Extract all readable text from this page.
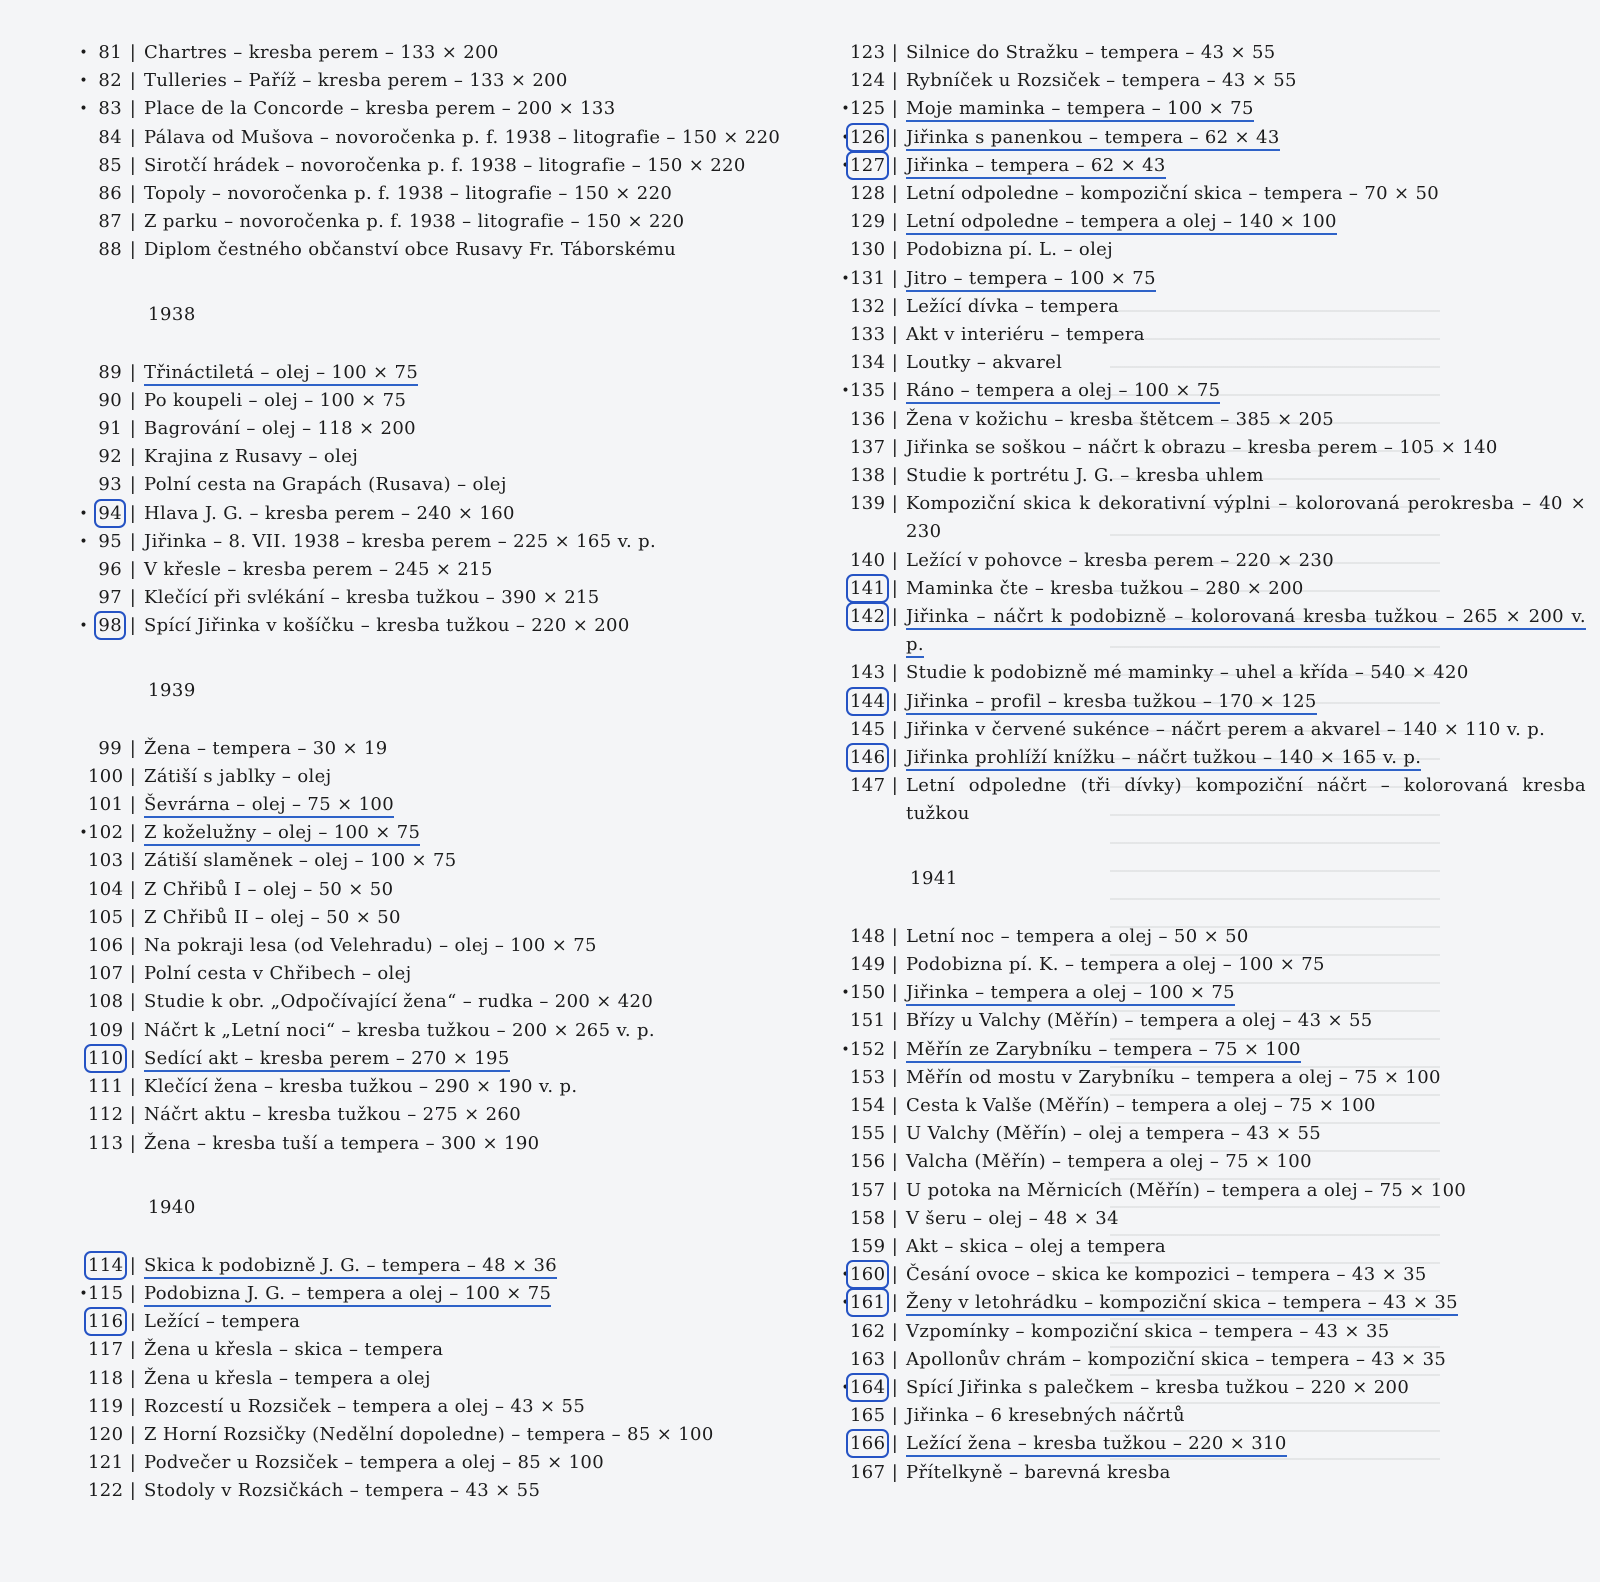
• 81 | Chartres – kresba perem – 133 × 200
• 82 | Tulleries – Paříž – kresba perem – 133 × 200
• 83 | Place de la Concorde – kresba perem – 200 × 133
84 | Pálava od Mušova – novoročenka p. f. 1938 – litografie – 150 × 220
85 | Sirotčí hrádek – novoročenka p. f. 1938 – litografie – 150 × 220
86 | Topoly – novoročenka p. f. 1938 – litografie – 150 × 220
87 | Z parku – novoročenka p. f. 1938 – litografie – 150 × 220
88 | Diplom čestného občanství obce Rusavy Fr. Táborskému
1938
89 | Třináctiletá – olej – 100 × 75
90 | Po koupeli – olej – 100 × 75
91 | Bagrování – olej – 118 × 200
92 | Krajina z Rusavy – olej
93 | Polní cesta na Grapách (Rusava) – olej
• 94 | Hlava J. G. – kresba perem – 240 × 160
• 95 | Jiřinka – 8. VII. 1938 – kresba perem – 225 × 165 v. p.
96 | V křesle – kresba perem – 245 × 215
97 | Klečící při svlékání – kresba tužkou – 390 × 215
• 98 | Spící Jiřinka v košíčku – kresba tužkou – 220 × 200
1939
99 | Žena – tempera – 30 × 19
100 | Zátiší s jablky – olej
101 | Ševrárna – olej – 75 × 100
• 102 | Z koželužny – olej – 100 × 75
103 | Zátiší slaměnek – olej – 100 × 75
104 | Z Chřibů I – olej – 50 × 50
105 | Z Chřibů II – olej – 50 × 50
106 | Na pokraji lesa (od Velehradu) – olej – 100 × 75
107 | Polní cesta v Chřibech – olej
108 | Studie k obr. „Odpočívající žena“ – rudka – 200 × 420
109 | Náčrt k „Letní noci“ – kresba tužkou – 200 × 265 v. p.
110 | Sedící akt – kresba perem – 270 × 195
111 | Klečící žena – kresba tužkou – 290 × 190 v. p.
112 | Náčrt aktu – kresba tužkou – 275 × 260
113 | Žena – kresba tuší a tempera – 300 × 190
1940
114 | Skica k podobizně J. G. – tempera – 48 × 36
• 115 | Podobizna J. G. – tempera a olej – 100 × 75
116 | Ležící – tempera
117 | Žena u křesla – skica – tempera
118 | Žena u křesla – tempera a olej
119 | Rozcestí u Rozsiček – tempera a olej – 43 × 55
120 | Z Horní Rozsičky (Nedělní dopoledne) – tempera – 85 × 100
121 | Podvečer u Rozsiček – tempera a olej – 85 × 100
122 | Stodoly v Rozsičkách – tempera – 43 × 55
123 | Silnice do Stražku – tempera – 43 × 55
124 | Rybníček u Rozsiček – tempera – 43 × 55
• 125 | Moje maminka – tempera – 100 × 75
• 126 | Jiřinka s panenkou – tempera – 62 × 43
• 127 | Jiřinka – tempera – 62 × 43
128 | Letní odpoledne – kompoziční skica – tempera – 70 × 50
129 | Letní odpoledne – tempera a olej – 140 × 100
130 | Podobizna pí. L. – olej
• 131 | Jitro – tempera – 100 × 75
132 | Ležící dívka – tempera
133 | Akt v interiéru – tempera
134 | Loutky – akvarel
• 135 | Ráno – tempera a olej – 100 × 75
136 | Žena v kožichu – kresba štětcem – 385 × 205
137 | Jiřinka se soškou – náčrt k obrazu – kresba perem – 105 × 140
138 | Studie k portrétu J. G. – kresba uhlem
139 | Kompoziční skica k dekorativní výplni – kolorovaná perokresba – 40 × 230
140 | Ležící v pohovce – kresba perem – 220 × 230
141 | Maminka čte – kresba tužkou – 280 × 200
142 | Jiřinka – náčrt k podobizně – kolorovaná kresba tužkou – 265 × 200 v. p.
143 | Studie k podobizně mé maminky – uhel a křída – 540 × 420
144 | Jiřinka – profil – kresba tužkou – 170 × 125
145 | Jiřinka v červené sukénce – náčrt perem a akvarel – 140 × 110 v. p.
146 | Jiřinka prohlíží knížku – náčrt tužkou – 140 × 165 v. p.
147 | Letní odpoledne (tři dívky) kompoziční náčrt – kolorovaná kresba tužkou
1941
148 | Letní noc – tempera a olej – 50 × 50
149 | Podobizna pí. K. – tempera a olej – 100 × 75
• 150 | Jiřinka – tempera a olej – 100 × 75
151 | Břízy u Valchy (Měřín) – tempera a olej – 43 × 55
• 152 | Měřín ze Zarybníku – tempera – 75 × 100
153 | Měřín od mostu v Zarybníku – tempera a olej – 75 × 100
154 | Cesta k Valše (Měřín) – tempera a olej – 75 × 100
155 | U Valchy (Měřín) – olej a tempera – 43 × 55
156 | Valcha (Měřín) – tempera a olej – 75 × 100
157 | U potoka na Měrnicích (Měřín) – tempera a olej – 75 × 100
158 | V šeru – olej – 48 × 34
159 | Akt – skica – olej a tempera
• 160 | Česání ovoce – skica ke kompozici – tempera – 43 × 35
• 161 | Ženy v letohrádku – kompoziční skica – tempera – 43 × 35
162 | Vzpomínky – kompoziční skica – tempera – 43 × 35
163 | Apollonův chrám – kompoziční skica – tempera – 43 × 35
• 164 | Spící Jiřinka s palečkem – kresba tužkou – 220 × 200
165 | Jiřinka – 6 kresebných náčrtů
166 | Ležící žena – kresba tužkou – 220 × 310
167 | Přítelkyně – barevná kresba
